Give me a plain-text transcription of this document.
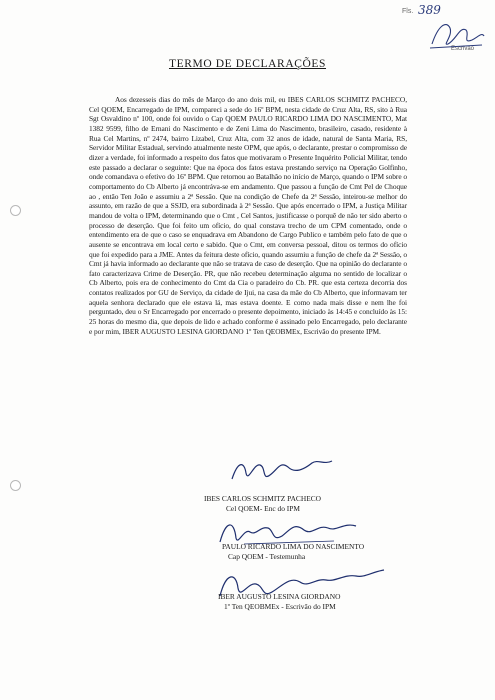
Fls. 389
Escrivão
TERMO DE DECLARAÇÕES

Aos dezesseis dias do mês de Março do ano dois mil, eu IBES CARLOS SCHMITZ PACHECO, Cel QOEM, Encarregado de IPM, compareci a sede do 16º BPM, nesta cidade de Cruz Alta, RS, sito à Rua Sgt Osvaldino nº 100, onde foi ouvido o Cap QOEM PAULO RICARDO LIMA DO NASCIMENTO, Mat 1382 9599, filho de Ernani do Nascimento e de Zeni Lima do Nascimento, brasileiro, casado, residente à Rua Cel Martins, nº 2474, bairro Lizabel, Cruz Alta, com 32 anos de idade, natural de Santa Maria, RS, Servidor Militar Estadual, servindo atualmente neste OPM, que após, o declarante, prestar o compromisso de dizer a verdade, foi informado a respeito dos fatos que motivaram o Presente Inquérito Policial Militar, tendo este passado a declarar o seguinte: Que na época dos fatos estava prestando serviço na Operação Golfinho, onde comandava o efetivo do 16º BPM. Que retornou ao Batalhão no início de Março, quando o IPM sobre o comportamento do Cb Alberto já encontráva-se em andamento. Que passou a função de Cmt Pel de Choque ao , então Ten João e assumiu a 2ª Sessão. Que na condição de Chefe da 2ª Sessão, inteirou-se melhor do assunto, em razão de que a SSJD, era subordinada à 2ª Sessão. Que após encerrado o IPM, a Justiça Militar mandou de volta o IPM, determinando que o Cmt , Cel Santos, justificasse o porquê de não ter sido aberto o processo de deserção. Que foi feito um ofício, do qual constava trecho de um CPM comentado, onde o entendimento era de que o caso se enquadrava em Abandono de Cargo Publico e também pelo fato de que o ausente se encontrava em local certo e sabido. Que o Cmt, em conversa pessoal, ditou os termos do ofício que foi expedido para a JME. Antes da feitura deste ofício, quando assumiu a função de chefe da 2ª Sessão, o Cmt já havia informado ao declarante que não se tratava de caso de deserção. Que na opinião do declarante o fato caracterizava Crime de Deserção. PR, que não recebeu determinação alguma no sentido de localizar o Cb Alberto, pois era de conhecimento do Cmt da Cia o paradeiro do Cb. PR. que esta certeza decorria dos contatos realizados por GU de Serviço, da cidade de Ijui, na casa da mãe do Cb Alberto, que informavam ter aquela senhora declarado que ele estava lá, mas estava doente. E como nada mais disse e nem lhe foi perguntado, deu o Sr Encarregado por encerrado o presente depoimento, iniciado às 14:45 e concluído às 15: 25 horas do mesmo dia, que depois de lido e achado conforme é assinado pelo Encarregado, pelo declarante e por mim, IBER AUGUSTO LESINA GIORDANO 1º Ten QEOBMEx, Escrivão do presente IPM.

IBES CARLOS SCHMITZ PACHECO
Cel QOEM- Enc do IPM
PAULO RICARDO LIMA DO NASCIMENTO
Cap QOEM - Testemunha
IBER AUGUSTO LESINA GIORDANO
1º Ten QEOBMEx - Escrivão do IPM
